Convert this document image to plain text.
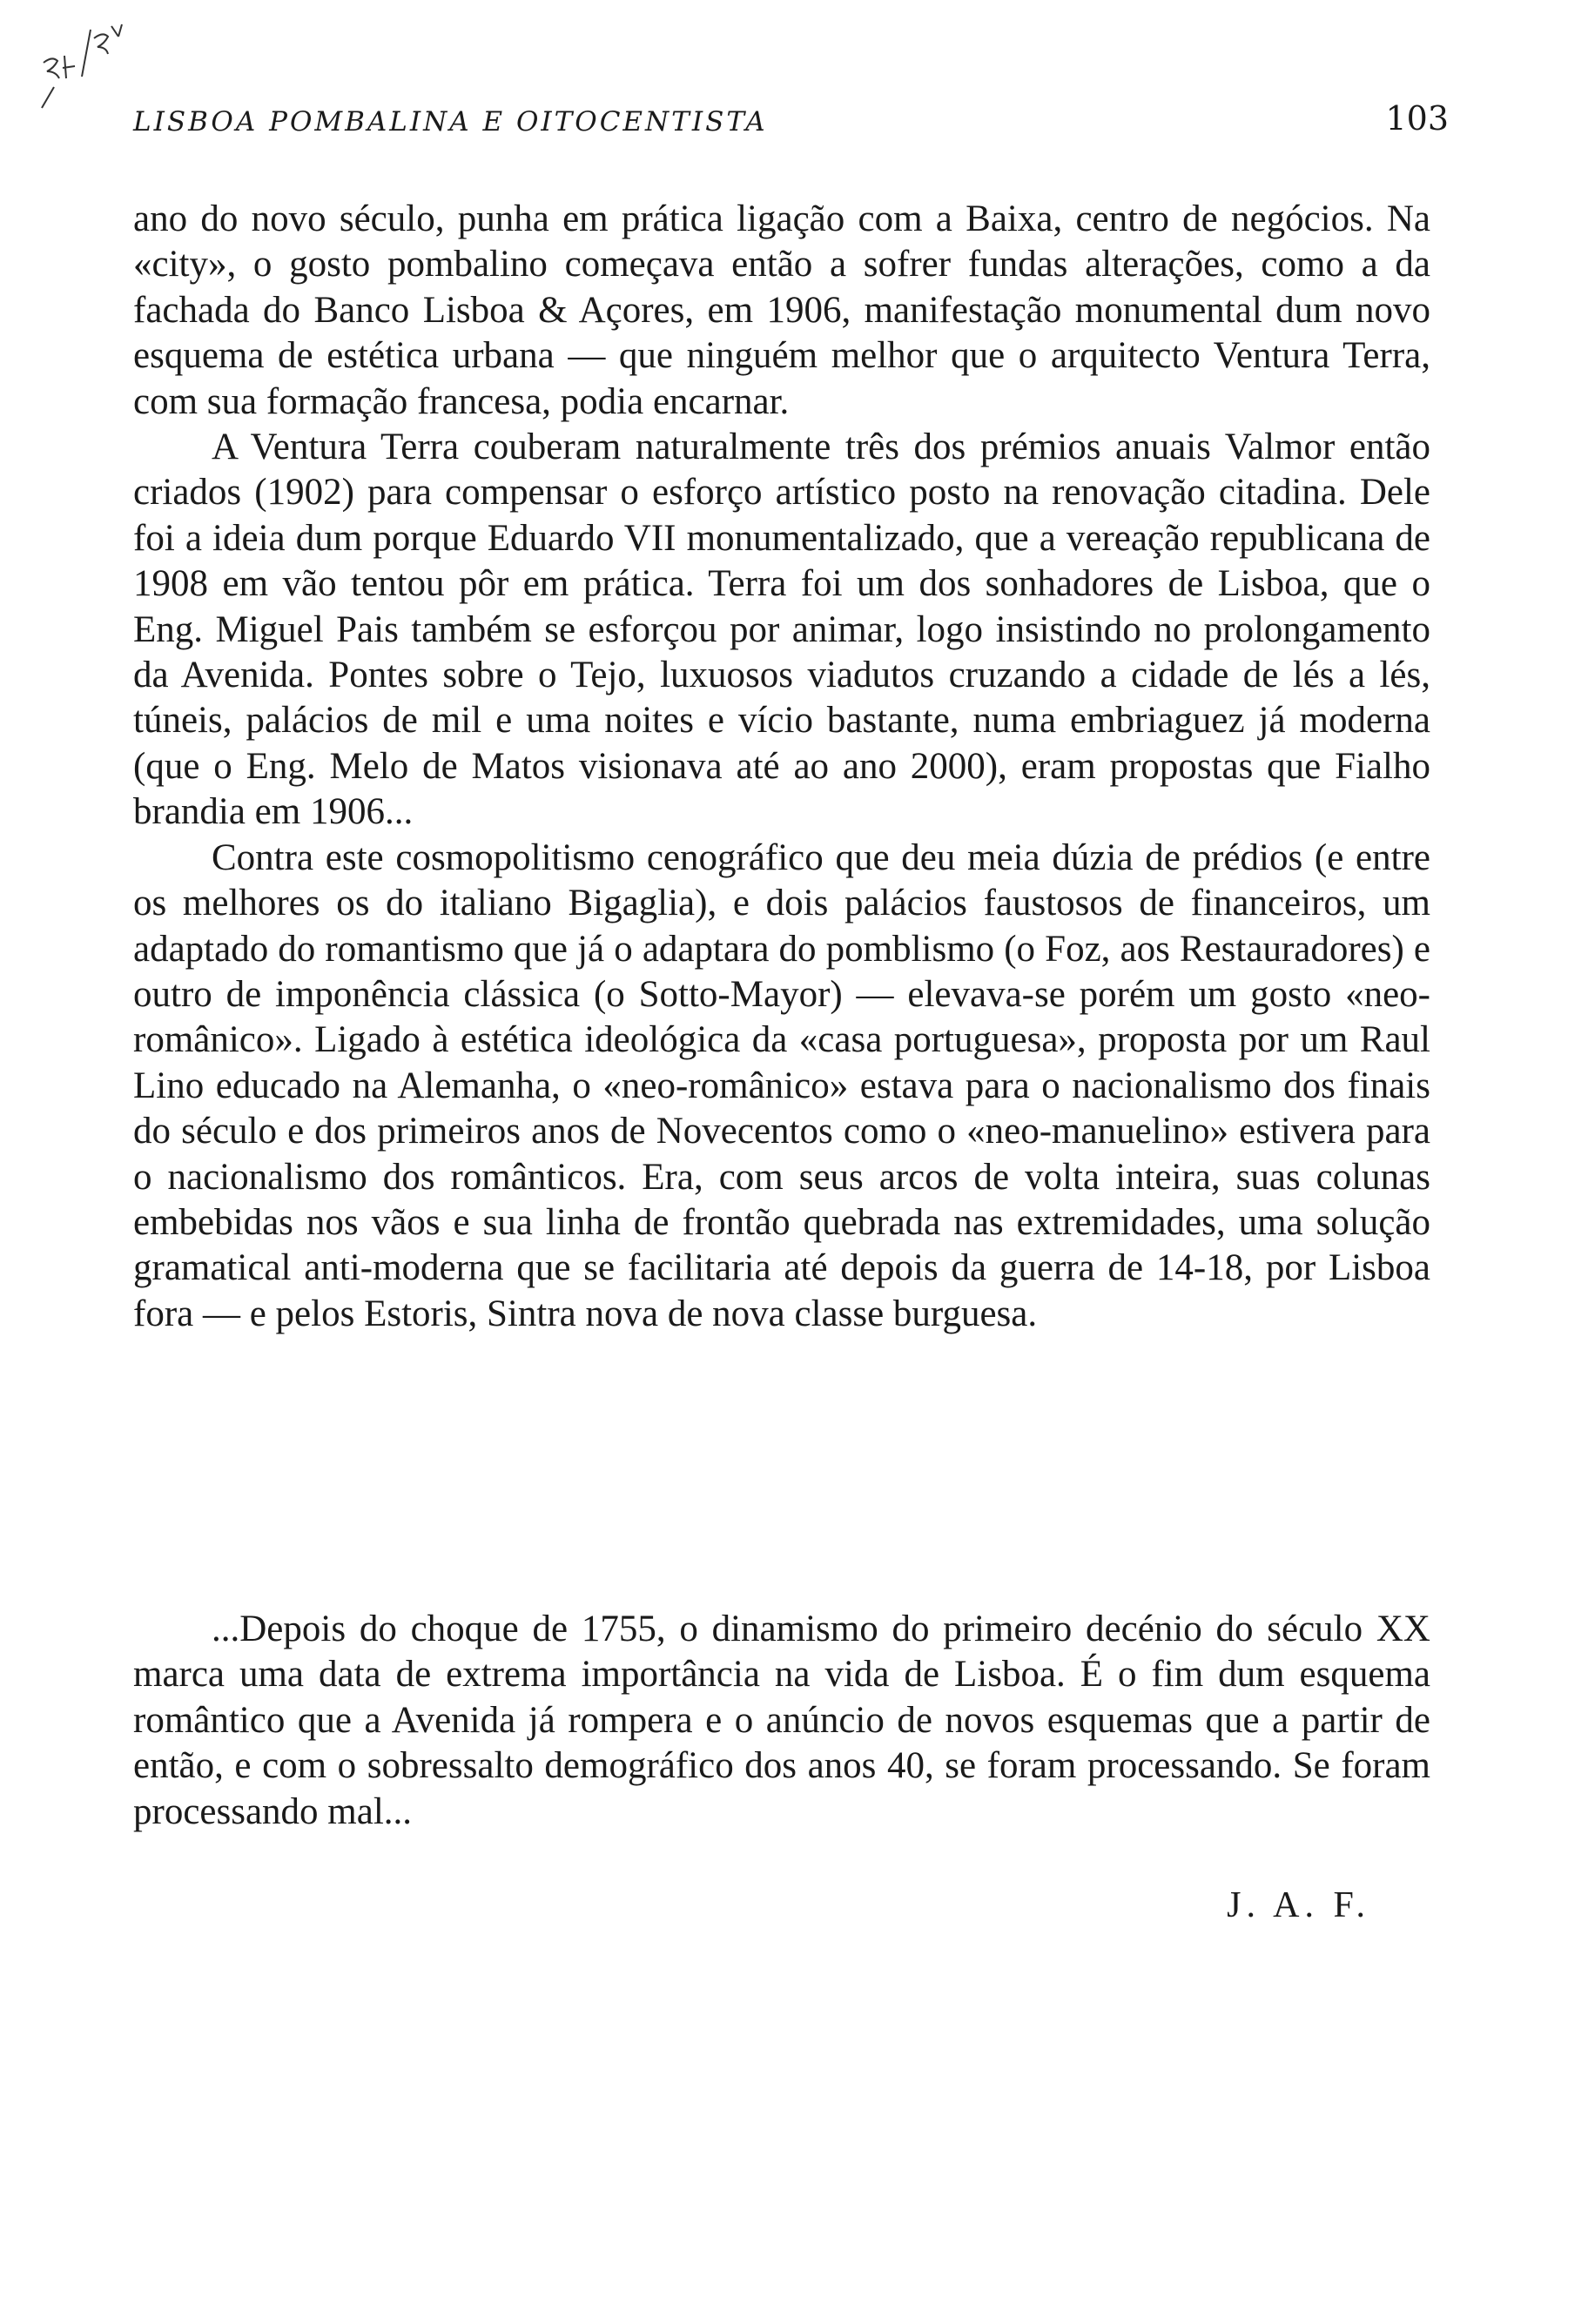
LISBOA POMBALINA E OITOCENTISTA	103

ano do novo século, punha em prática ligação com a Baixa, centro de negócios. Na «city», o gosto pombalino começava então a sofrer fundas alterações, como a da fachada do Banco Lisboa & Açores, em 1906, manifestação monumental dum novo esquema de estética urbana — que ninguém melhor que o arquitecto Ventura Terra, com sua formação francesa, podia encarnar.

A Ventura Terra couberam naturalmente três dos prémios anuais Valmor então criados (1902) para compensar o esforço artístico posto na renovação citadina. Dele foi a ideia dum porque Eduardo VII monumentalizado, que a vereação republicana de 1908 em vão tentou pôr em prática. Terra foi um dos sonhadores de Lisboa, que o Eng. Miguel Pais também se esforçou por animar, logo insistindo no prolongamento da Avenida. Pontes sobre o Tejo, luxuosos viadutos cruzando a cidade de lés a lés, túneis, palácios de mil e uma noites e vício bastante, numa embriaguez já moderna (que o Eng. Melo de Matos visionava até ao ano 2000), eram propostas que Fialho brandia em 1906...

Contra este cosmopolitismo cenográfico que deu meia dúzia de prédios (e entre os melhores os do italiano Bigaglia), e dois palácios faustosos de financeiros, um adaptado do romantismo que já o adaptara do pomblismo (o Foz, aos Restauradores) e outro de imponência clássica (o Sotto-Mayor) — elevava-se porém um gosto «neo-românico». Ligado à estética ideológica da «casa portuguesa», proposta por um Raul Lino educado na Alemanha, o «neo-românico» estava para o nacionalismo dos finais do século e dos primeiros anos de Novecentos como o «neo-manuelino» estivera para o nacionalismo dos românticos. Era, com seus arcos de volta inteira, suas colunas embebidas nos vãos e sua linha de frontão quebrada nas extremidades, uma solução gramatical anti-moderna que se facilitaria até depois da guerra de 14-18, por Lisboa fora — e pelos Estoris, Sintra nova de nova classe burguesa.

...Depois do choque de 1755, o dinamismo do primeiro decénio do século XX marca uma data de extrema importância na vida de Lisboa. É o fim dum esquema romântico que a Avenida já rompera e o anúncio de novos esquemas que a partir de então, e com o sobressalto demográfico dos anos 40, se foram processando. Se foram processando mal...

J. A. F.
